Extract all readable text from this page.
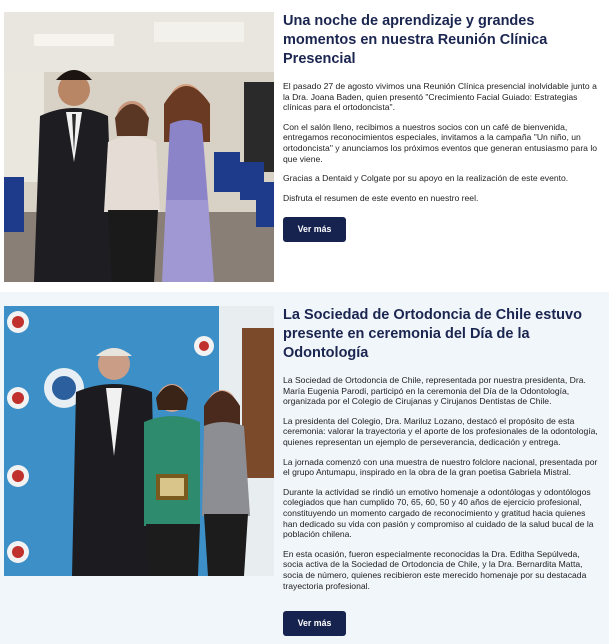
Una noche de aprendizaje y grandes momentos en nuestra Reunión Clínica Presencial

El pasado 27 de agosto vivimos una Reunión Clínica presencial inolvidable junto a la Dra. Joana Baden, quien presentó "Crecimiento Facial Guiado: Estrategias clínicas para el ortodoncista".

Con el salón lleno, recibimos a nuestros socios con un café de bienvenida, entregamos reconocimientos especiales, invitamos a la campaña "Un niño, un ortodoncista" y anunciamos los próximos eventos que generan entusiasmo para lo que viene.

Gracias a Dentaid y Colgate por su apoyo en la realización de este evento.

Disfruta el resumen de este evento en nuestro reel.

Ver más
La Sociedad de Ortodoncia de Chile estuvo presente en ceremonia del Día de la Odontología

La Sociedad de Ortodoncia de Chile, representada por nuestra presidenta, Dra. María Eugenia Parodi, participó en la ceremonia del Día de la Odontología, organizada por el Colegio de Cirujanas y Cirujanos Dentistas de Chile.

La presidenta del Colegio, Dra. Mariluz Lozano, destacó el propósito de esta ceremonia: valorar la trayectoria y el aporte de los profesionales de la odontología, quienes representan un ejemplo de perseverancia, dedicación y entrega.

La jornada comenzó con una muestra de nuestro folclore nacional, presentada por el grupo Antumapu, inspirado en la obra de la gran poetisa Gabriela Mistral.

Durante la actividad se rindió un emotivo homenaje a odontólogas y odontólogos colegiados que han cumplido 70, 65, 60, 50 y 40 años de ejercicio profesional, constituyendo un momento cargado de reconocimiento y gratitud hacia quienes han dedicado su vida con pasión y compromiso al cuidado de la salud bucal de la población chilena.

En esta ocasión, fueron especialmente reconocidas la Dra. Editha Sepúlveda, socia activa de la Sociedad de Ortodoncia de Chile, y la Dra. Bernardita Matta, socia de número, quienes recibieron este merecido homenaje por su destacada trayectoria profesional.

Ver más
